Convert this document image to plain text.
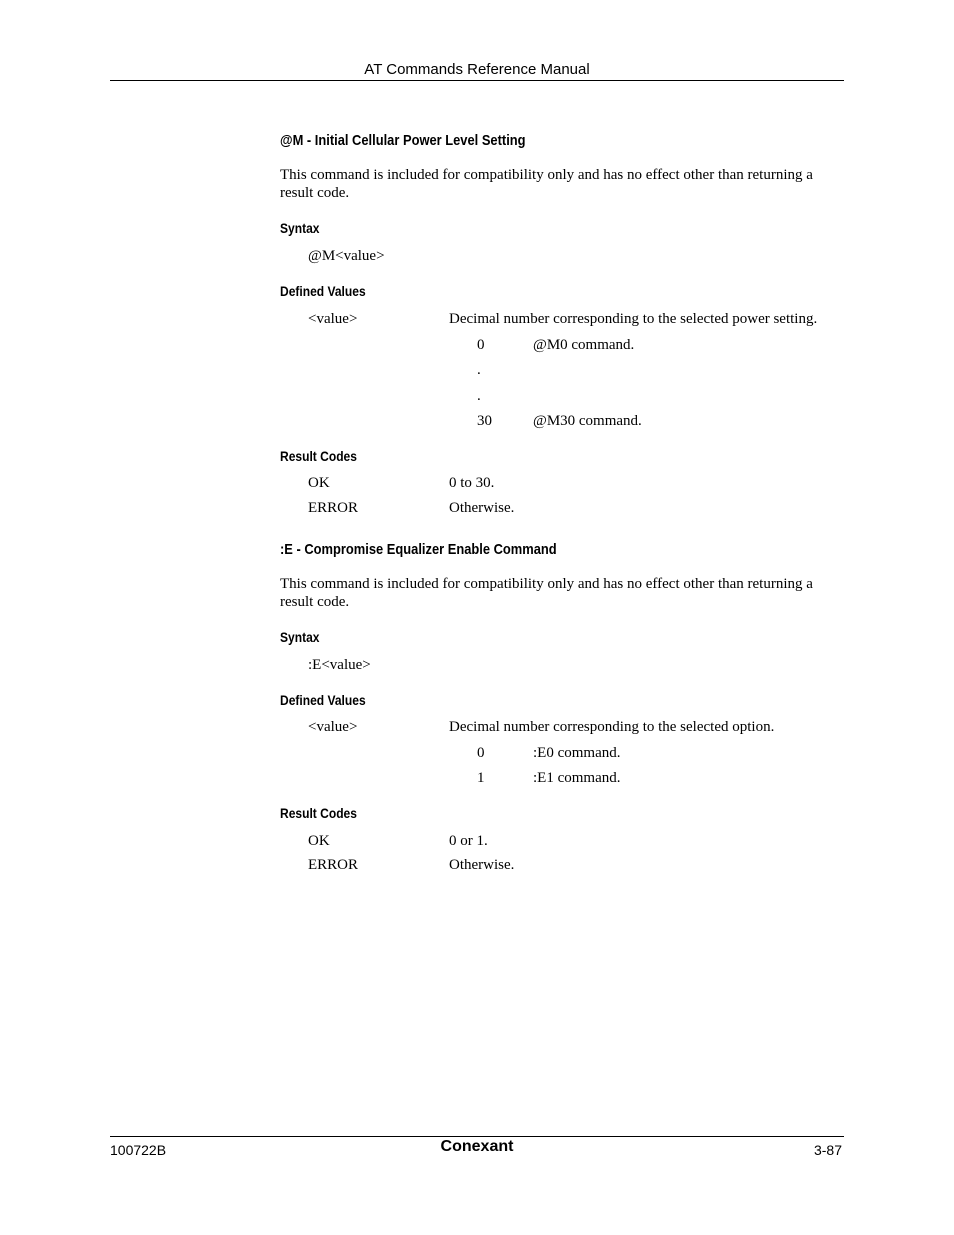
AT Commands Reference Manual
@M - Initial Cellular Power Level Setting
This command is included for compatibility only and has no effect other than returning a result code.
Syntax
@M<value>
Defined Values
<value>	Decimal number corresponding to the selected power setting.
0	@M0 command.
.
.
30	@M30 command.
Result Codes
OK	0 to 30.
ERROR	Otherwise.
:E - Compromise Equalizer Enable Command
This command is included for compatibility only and has no effect other than returning a result code.
Syntax
:E<value>
Defined Values
<value>	Decimal number corresponding to the selected option.
0	:E0 command.
1	:E1 command.
Result Codes
OK	0 or 1.
ERROR	Otherwise.
100722B	Conexant	3-87
